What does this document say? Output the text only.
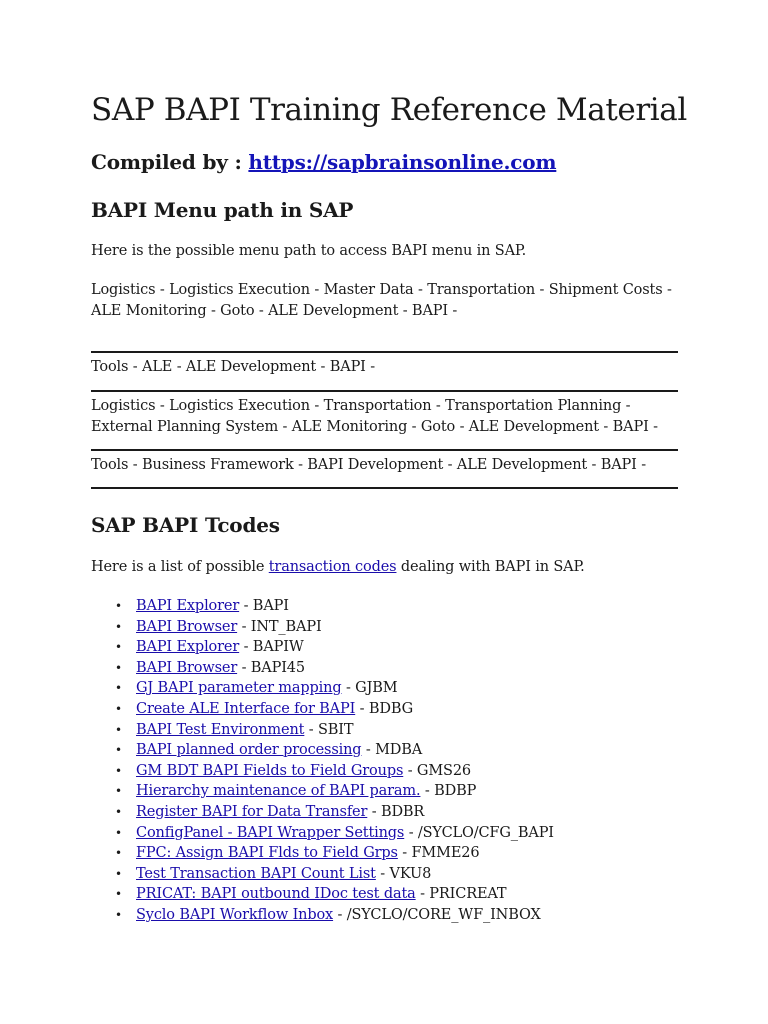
SAP BAPI Training Reference Material
Compiled by : https://sapbrainsonline.com
BAPI Menu path in SAP

Here is the possible menu path to access BAPI menu in SAP.

Logistics - Logistics Execution - Master Data - Transportation - Shipment Costs - ALE Monitoring - Goto - ALE Development - BAPI -

Tools - ALE - ALE Development - BAPI -

Logistics - Logistics Execution - Transportation - Transportation Planning - External Planning System - ALE Monitoring - Goto - ALE Development - BAPI -

Tools - Business Framework - BAPI Development - ALE Development - BAPI -

SAP BAPI Tcodes

Here is a list of possible transaction codes dealing with BAPI in SAP.

• BAPI Explorer - BAPI
• BAPI Browser - INT_BAPI
• BAPI Explorer - BAPIW
• BAPI Browser - BAPI45
• GJ BAPI parameter mapping - GJBM
• Create ALE Interface for BAPI - BDBG
• BAPI Test Environment - SBIT
• BAPI planned order processing - MDBA
• GM BDT BAPI Fields to Field Groups - GMS26
• Hierarchy maintenance of BAPI param. - BDBP
• Register BAPI for Data Transfer - BDBR
• ConfigPanel - BAPI Wrapper Settings - /SYCLO/CFG_BAPI
• FPC: Assign BAPI Flds to Field Grps - FMME26
• Test Transaction BAPI Count List - VKU8
• PRICAT: BAPI outbound IDoc test data - PRICREAT
• Syclo BAPI Workflow Inbox - /SYCLO/CORE_WF_INBOX
